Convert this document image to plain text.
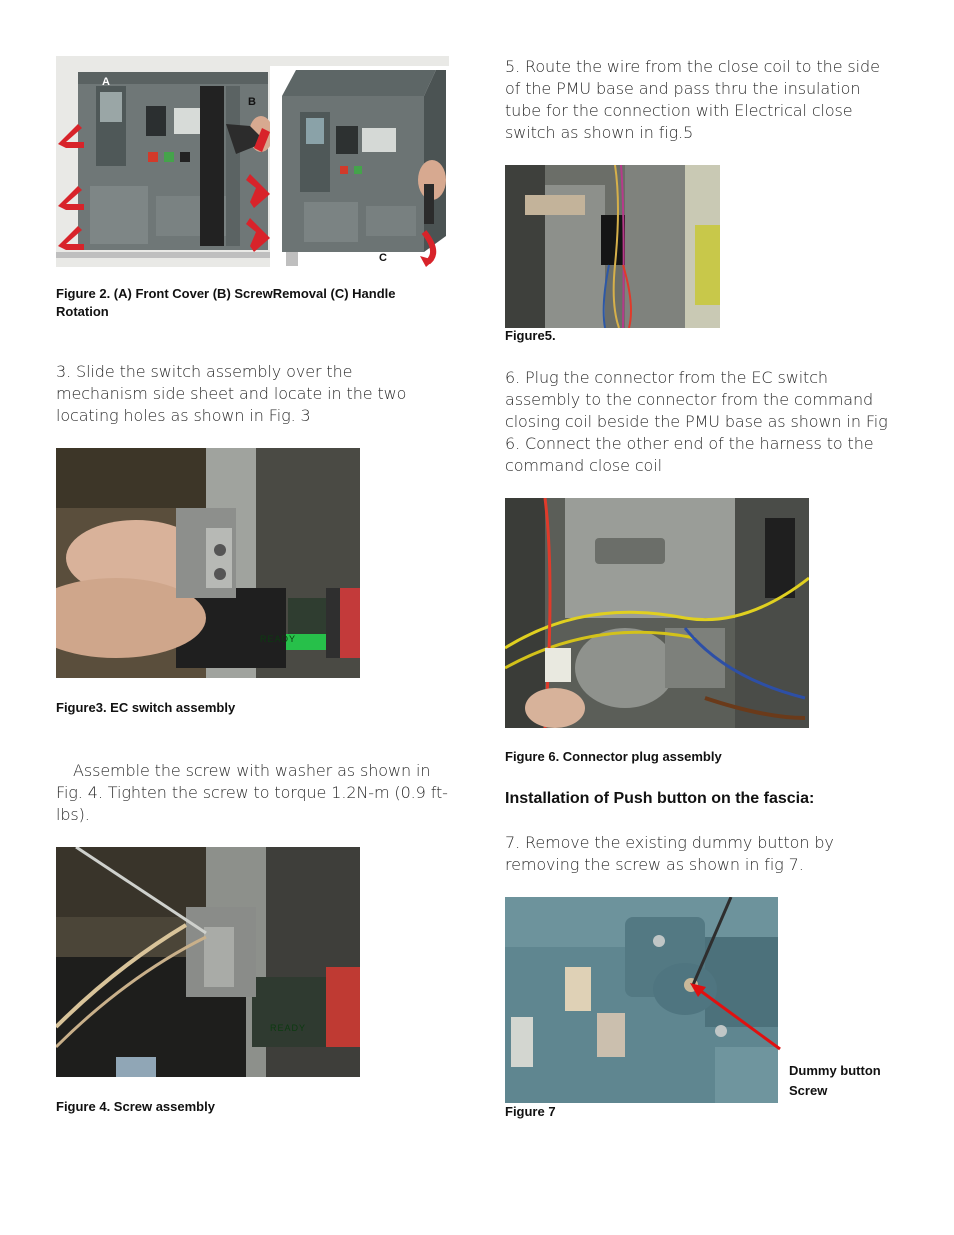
A
B
C
Figure 2. (A) Front Cover (B) ScrewRemoval (C) Handle Rotation
3. Slide the switch assembly over the mechanism side sheet and locate in the two locating holes as shown in Fig. 3
READY
Figure3. EC switch assembly
Assemble the screw with washer as shown in Fig. 4. Tighten the screw to torque 1.2N-m (0.9 ft-lbs).
READY
Figure 4. Screw assembly
5. Route the wire from the close coil to the side of the PMU base and pass thru the insulation tube for the connection with Electrical close switch as shown in fig.5
Figure5.
6. Plug the connector from the EC switch assembly to the connector from the command closing coil beside the PMU base as shown in Fig 6. Connect the other end of the harness to the command close coil
Figure 6. Connector plug assembly
Installation of Push button on the fascia:
7. Remove the existing dummy button by removing the screw as shown in fig 7.
Dummy button Screw
Figure 7
